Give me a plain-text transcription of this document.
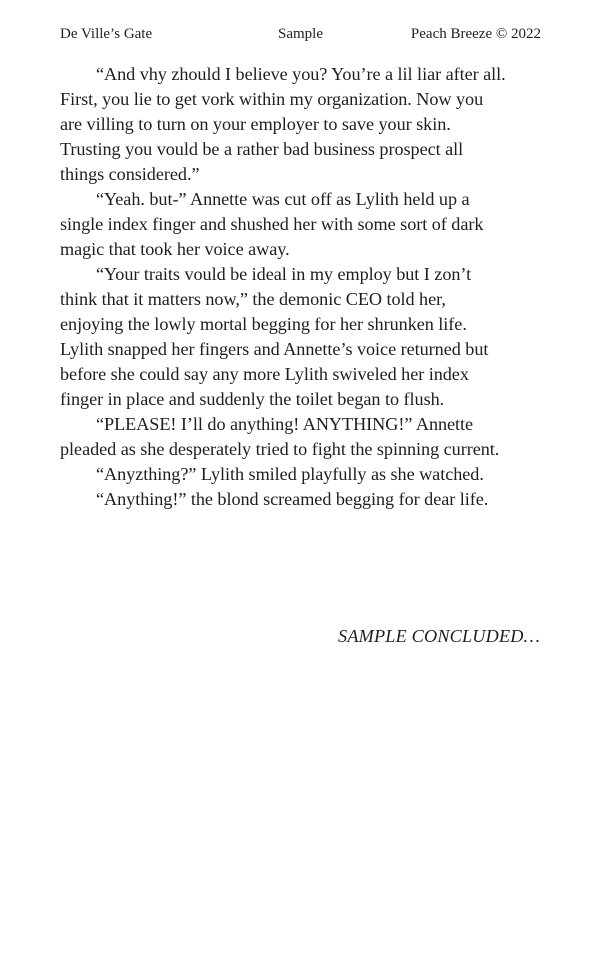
De Ville’s Gate	Sample	Peach Breeze © 2022

“And vhy zhould I believe you? You’re a lil liar after all. First, you lie to get vork within my organization. Now you are villing to turn on your employer to save your skin. Trusting you vould be a rather bad business prospect all things considered.”

“Yeah. but-” Annette was cut off as Lylith held up a single index finger and shushed her with some sort of dark magic that took her voice away.

“Your traits vould be ideal in my employ but I zon’t think that it matters now,” the demonic CEO told her, enjoying the lowly mortal begging for her shrunken life. Lylith snapped her fingers and Annette’s voice returned but before she could say any more Lylith swiveled her index finger in place and suddenly the toilet began to flush.

“PLEASE! I’ll do anything! ANYTHING!” Annette pleaded as she desperately tried to fight the spinning current.

“Anyzthing?” Lylith smiled playfully as she watched.

“Anything!” the blond screamed begging for dear life.

SAMPLE CONCLUDED…
